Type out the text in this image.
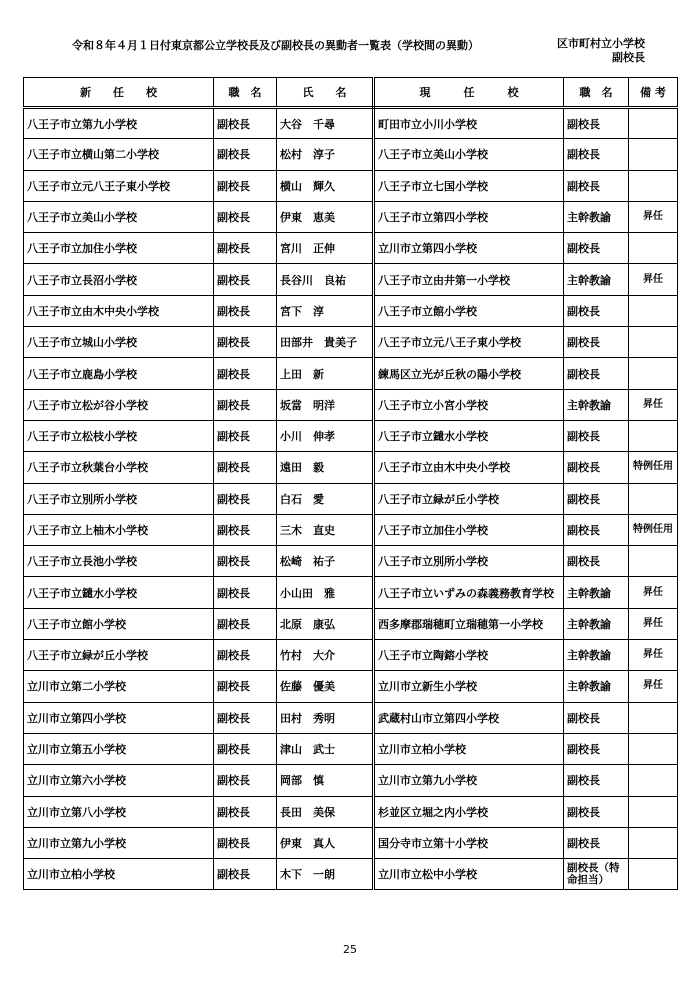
令和８年４月１日付東京都公立学校長及び副校長の異動者一覧表（学校間の異動）	区市町村立小学校
副校長
新　　任　　校	職　名	氏　　名	現　　　任　　　校	職　名	備 考
八王子市立第九小学校	副校長	大谷　千尋	町田市立小川小学校	副校長	
八王子市立横山第二小学校	副校長	松村　淳子	八王子市立美山小学校	副校長	
八王子市立元八王子東小学校	副校長	横山　輝久	八王子市立七国小学校	副校長	
八王子市立美山小学校	副校長	伊東　恵美	八王子市立第四小学校	主幹教諭	昇任
八王子市立加住小学校	副校長	宮川　正伸	立川市立第四小学校	副校長	
八王子市立長沼小学校	副校長	長谷川　良祐	八王子市立由井第一小学校	主幹教諭	昇任
八王子市立由木中央小学校	副校長	宮下　淳	八王子市立館小学校	副校長	
八王子市立城山小学校	副校長	田部井　貴美子	八王子市立元八王子東小学校	副校長	
八王子市立鹿島小学校	副校長	上田　新	練馬区立光が丘秋の陽小学校	副校長	
八王子市立松が谷小学校	副校長	坂當　明洋	八王子市立小宮小学校	主幹教諭	昇任
八王子市立松枝小学校	副校長	小川　伸孝	八王子市立鑓水小学校	副校長	
八王子市立秋葉台小学校	副校長	遠田　毅	八王子市立由木中央小学校	副校長	特例任用
八王子市立別所小学校	副校長	白石　愛	八王子市立緑が丘小学校	副校長	
八王子市立上柚木小学校	副校長	三木　直史	八王子市立加住小学校	副校長	特例任用
八王子市立長池小学校	副校長	松崎　祐子	八王子市立別所小学校	副校長	
八王子市立鑓水小学校	副校長	小山田　雅	八王子市立いずみの森義務教育学校	主幹教諭	昇任
八王子市立館小学校	副校長	北原　康弘	西多摩郡瑞穂町立瑞穂第一小学校	主幹教諭	昇任
八王子市立緑が丘小学校	副校長	竹村　大介	八王子市立陶鎔小学校	主幹教諭	昇任
立川市立第二小学校	副校長	佐藤　優美	立川市立新生小学校	主幹教諭	昇任
立川市立第四小学校	副校長	田村　秀明	武蔵村山市立第四小学校	副校長	
立川市立第五小学校	副校長	津山　武士	立川市立柏小学校	副校長	
立川市立第六小学校	副校長	岡部　慎	立川市立第九小学校	副校長	
立川市立第八小学校	副校長	長田　美保	杉並区立堀之内小学校	副校長	
立川市立第九小学校	副校長	伊東　真人	国分寺市立第十小学校	副校長	
立川市立柏小学校	副校長	木下　一朗	立川市立松中小学校	副校長（特命担当）	
25
